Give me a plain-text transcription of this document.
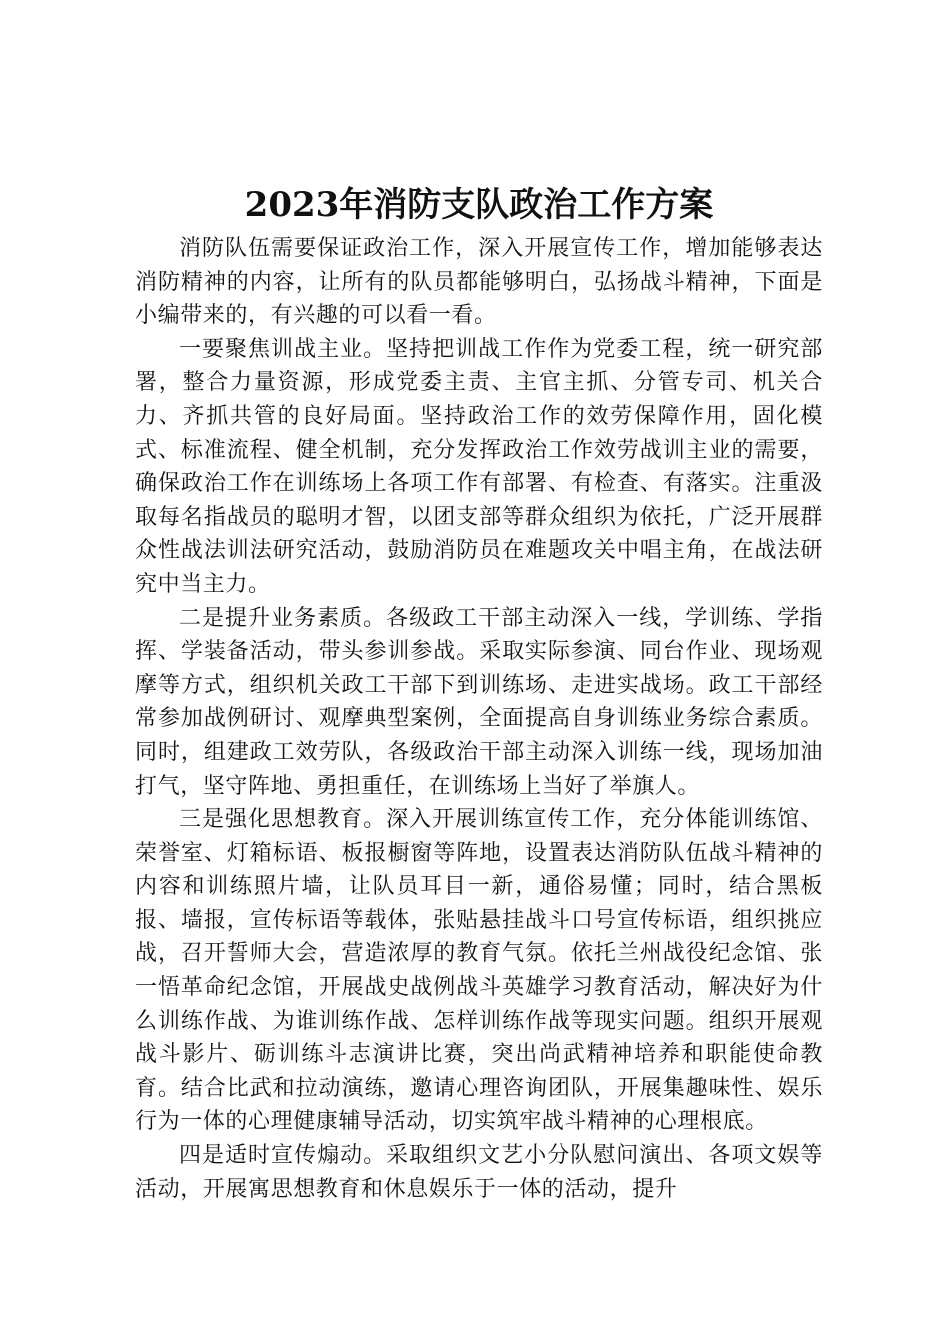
2023年消防支队政治工作方案

消防队伍需要保证政治工作，深入开展宣传工作，增加能够表达消防精神的内容，让所有的队员都能够明白，弘扬战斗精神，下面是小编带来的，有兴趣的可以看一看。

一要聚焦训战主业。坚持把训战工作作为党委工程，统一研究部署，整合力量资源，形成党委主责、主官主抓、分管专司、机关合力、齐抓共管的良好局面。坚持政治工作的效劳保障作用，固化模式、标准流程、健全机制，充分发挥政治工作效劳战训主业的需要，确保政治工作在训练场上各项工作有部署、有检查、有落实。注重汲取每名指战员的聪明才智，以团支部等群众组织为依托，广泛开展群众性战法训法研究活动，鼓励消防员在难题攻关中唱主角，在战法研究中当主力。

二是提升业务素质。各级政工干部主动深入一线，学训练、学指挥、学装备活动，带头参训参战。采取实际参演、同台作业、现场观摩等方式，组织机关政工干部下到训练场、走进实战场。政工干部经常参加战例研讨、观摩典型案例，全面提高自身训练业务综合素质。同时，组建政工效劳队，各级政治干部主动深入训练一线，现场加油打气，坚守阵地、勇担重任，在训练场上当好了举旗人。

三是强化思想教育。深入开展训练宣传工作，充分体能训练馆、荣誉室、灯箱标语、板报橱窗等阵地，设置表达消防队伍战斗精神的内容和训练照片墙，让队员耳目一新，通俗易懂；同时，结合黑板报、墙报，宣传标语等载体，张贴悬挂战斗口号宣传标语，组织挑应战，召开誓师大会，营造浓厚的教育气氛。依托兰州战役纪念馆、张一悟革命纪念馆，开展战史战例战斗英雄学习教育活动，解决好为什么训练作战、为谁训练作战、怎样训练作战等现实问题。组织开展观战斗影片、砺训练斗志演讲比赛，突出尚武精神培养和职能使命教育。结合比武和拉动演练，邀请心理咨询团队，开展集趣味性、娱乐行为一体的心理健康辅导活动，切实筑牢战斗精神的心理根底。

四是适时宣传煽动。采取组织文艺小分队慰问演出、各项文娱等活动，开展寓思想教育和休息娱乐于一体的活动，提升
